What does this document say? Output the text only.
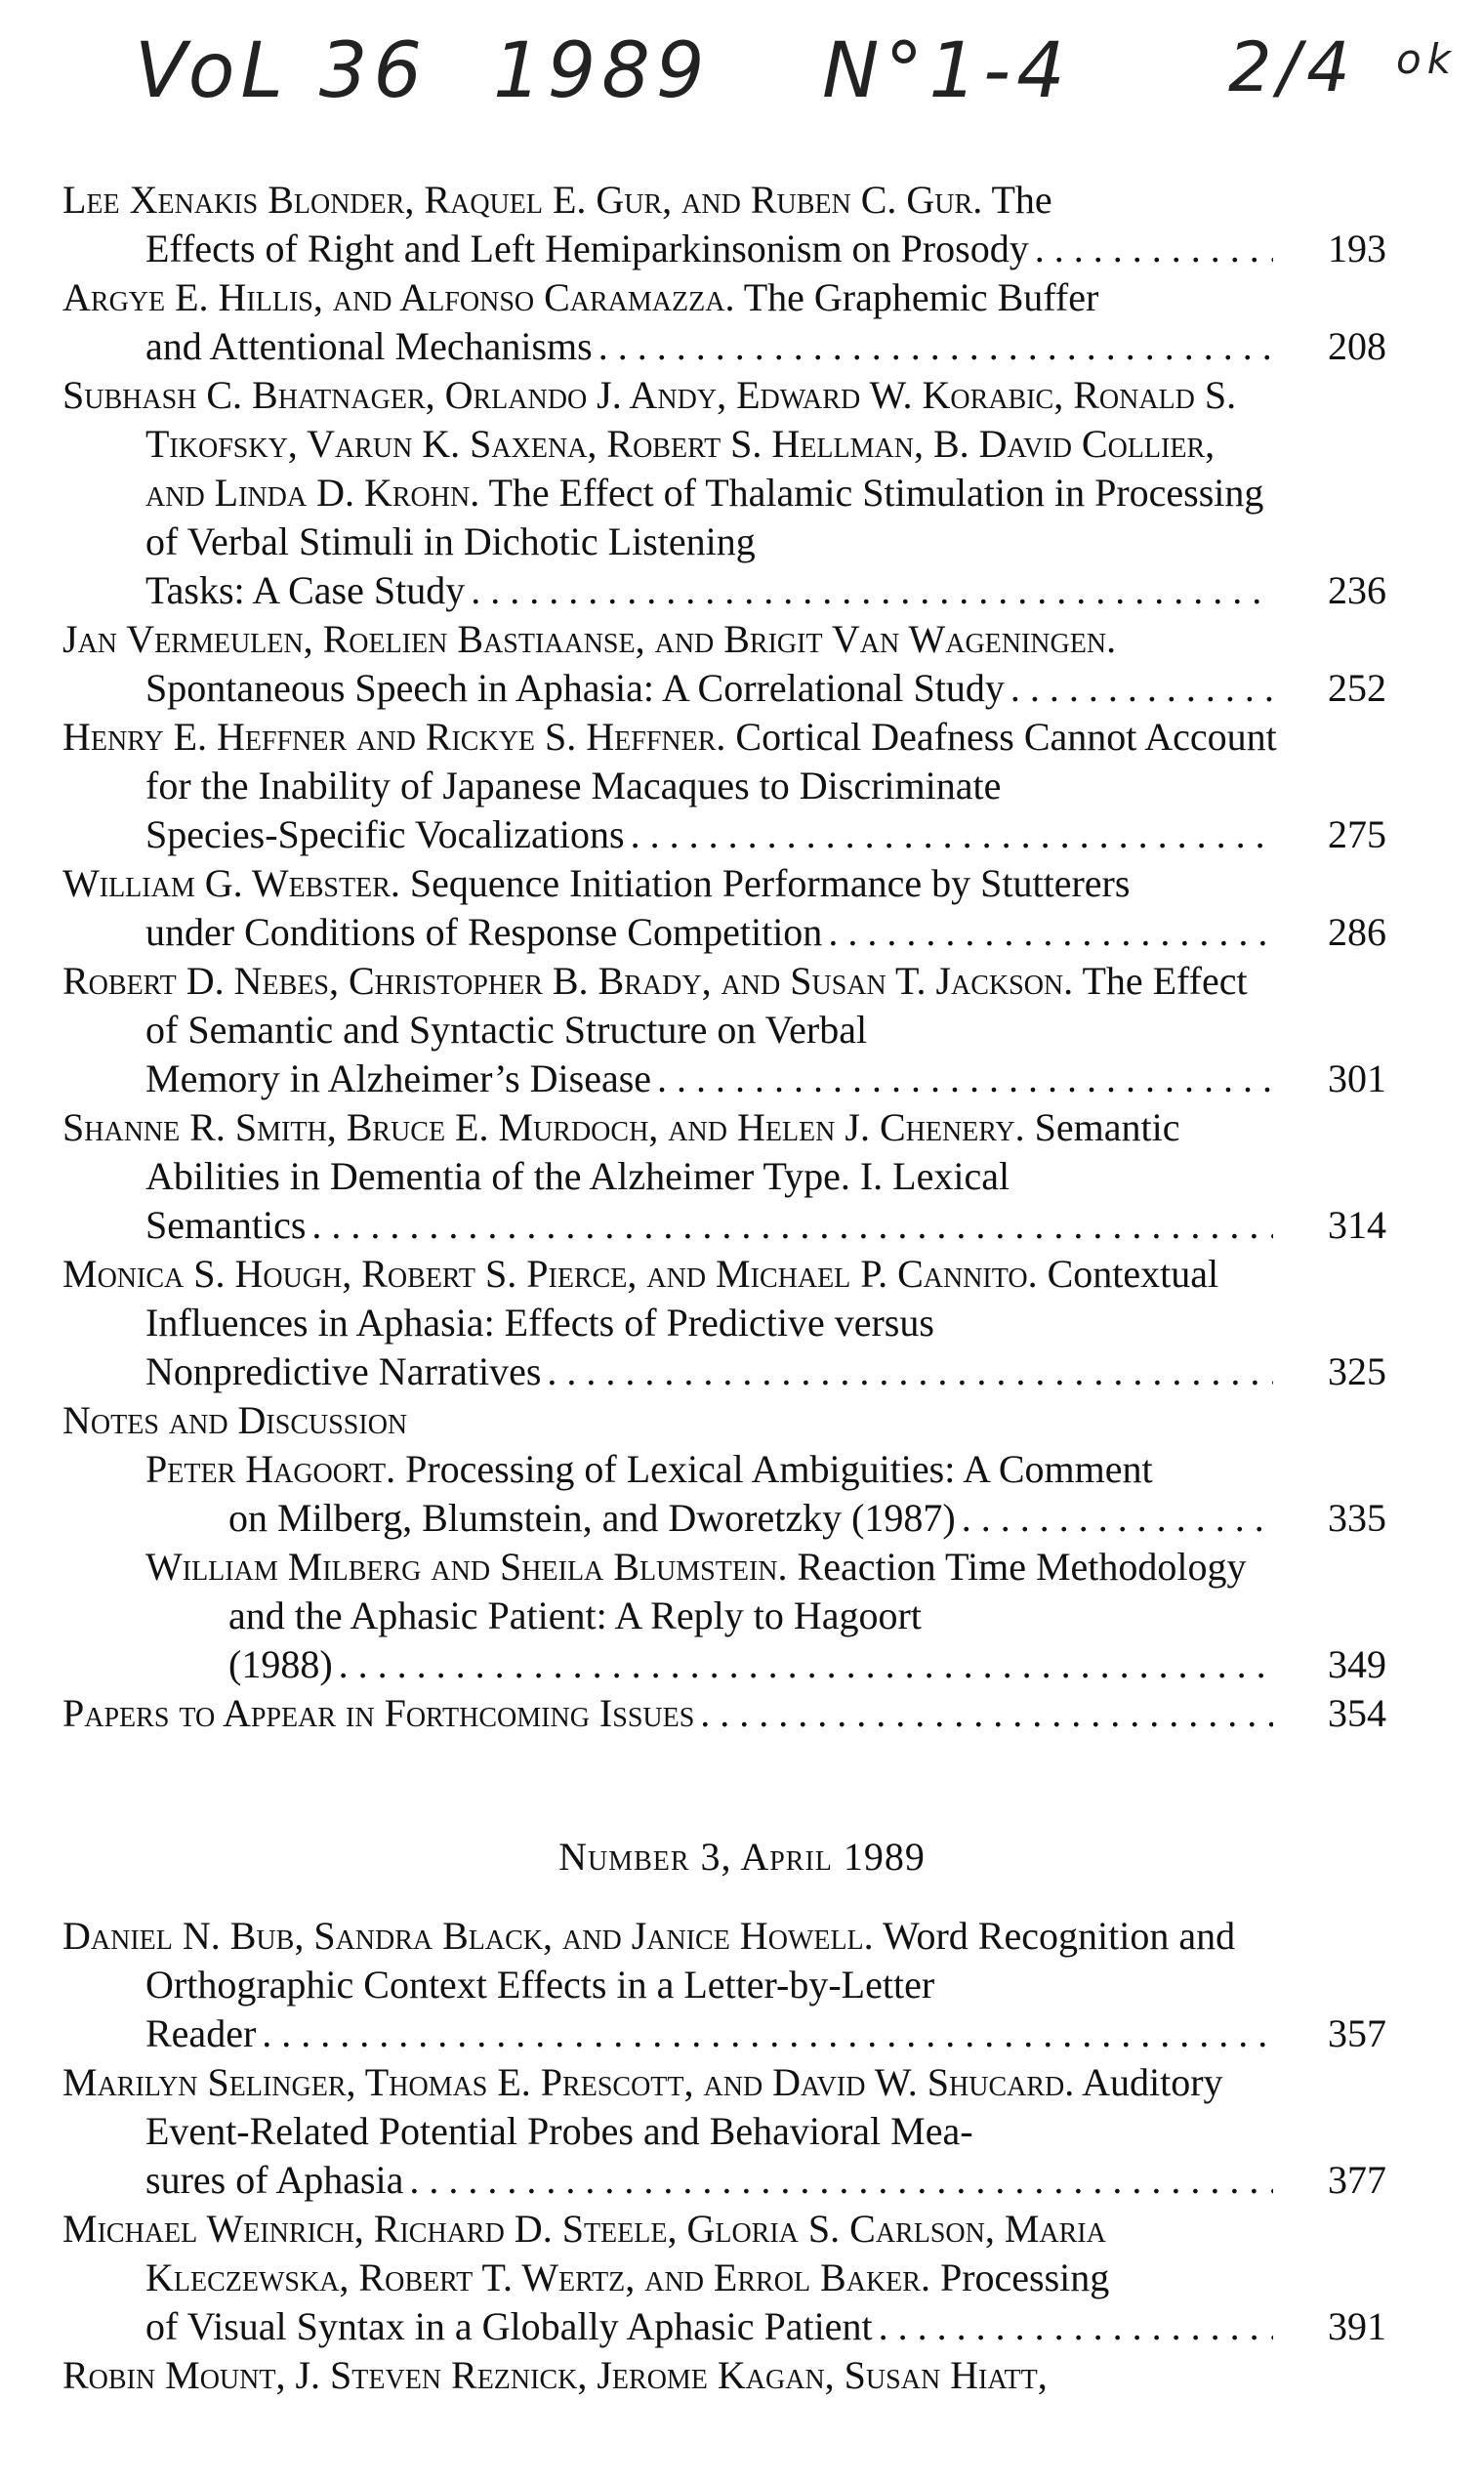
VoL 36 1989 N°1-4 2/4 ok
Lee Xenakis Blonder, Raquel E. Gur, and Ruben C. Gur. The
Effects of Right and Left Hemiparkinsonism on Prosody . . .	193
Argye E. Hillis, and Alfonso Caramazza. The Graphemic Buffer
and Attentional Mechanisms . . .	208
Subhash C. Bhatnager, Orlando J. Andy, Edward W. Korabic, Ronald S. Tikofsky, Varun K. Saxena, Robert S. Hellman, B. David Collier, and Linda D. Krohn. The Effect of Thalamic Stimulation in Processing of Verbal Stimuli in Dichotic Listening
Tasks: A Case Study . . .	236
Jan Vermeulen, Roelien Bastiaanse, and Brigit Van Wageningen.
Spontaneous Speech in Aphasia: A Correlational Study . . .	252
Henry E. Heffner and Rickye S. Heffner. Cortical Deafness Cannot Account for the Inability of Japanese Macaques to Discriminate
Species-Specific Vocalizations . . .	275
William G. Webster. Sequence Initiation Performance by Stutterers
under Conditions of Response Competition . . .	286
Robert D. Nebes, Christopher B. Brady, and Susan T. Jackson. The Effect of Semantic and Syntactic Structure on Verbal
Memory in Alzheimer’s Disease . . .	301
Shanne R. Smith, Bruce E. Murdoch, and Helen J. Chenery. Semantic Abilities in Dementia of the Alzheimer Type. I. Lexical
Semantics . . .	314
Monica S. Hough, Robert S. Pierce, and Michael P. Cannito. Contextual Influences in Aphasia: Effects of Predictive versus
Nonpredictive Narratives . . .	325
Notes and Discussion
Peter Hagoort. Processing of Lexical Ambiguities: A Comment
on Milberg, Blumstein, and Dworetzky (1987) . . .	335
William Milberg and Sheila Blumstein. Reaction Time Methodology and the Aphasic Patient: A Reply to Hagoort
(1988) . . .	349
Papers to Appear in Forthcoming Issues . . .	354
Number 3, April 1989
Daniel N. Bub, Sandra Black, and Janice Howell. Word Recognition and Orthographic Context Effects in a Letter-by-Letter
Reader . . .	357
Marilyn Selinger, Thomas E. Prescott, and David W. Shucard. Auditory Event-Related Potential Probes and Behavioral Mea-
sures of Aphasia . . .	377
Michael Weinrich, Richard D. Steele, Gloria S. Carlson, Maria Kleczewska, Robert T. Wertz, and Errol Baker. Processing
of Visual Syntax in a Globally Aphasic Patient . . .	391
Robin Mount, J. Steven Reznick, Jerome Kagan, Susan Hiatt,
